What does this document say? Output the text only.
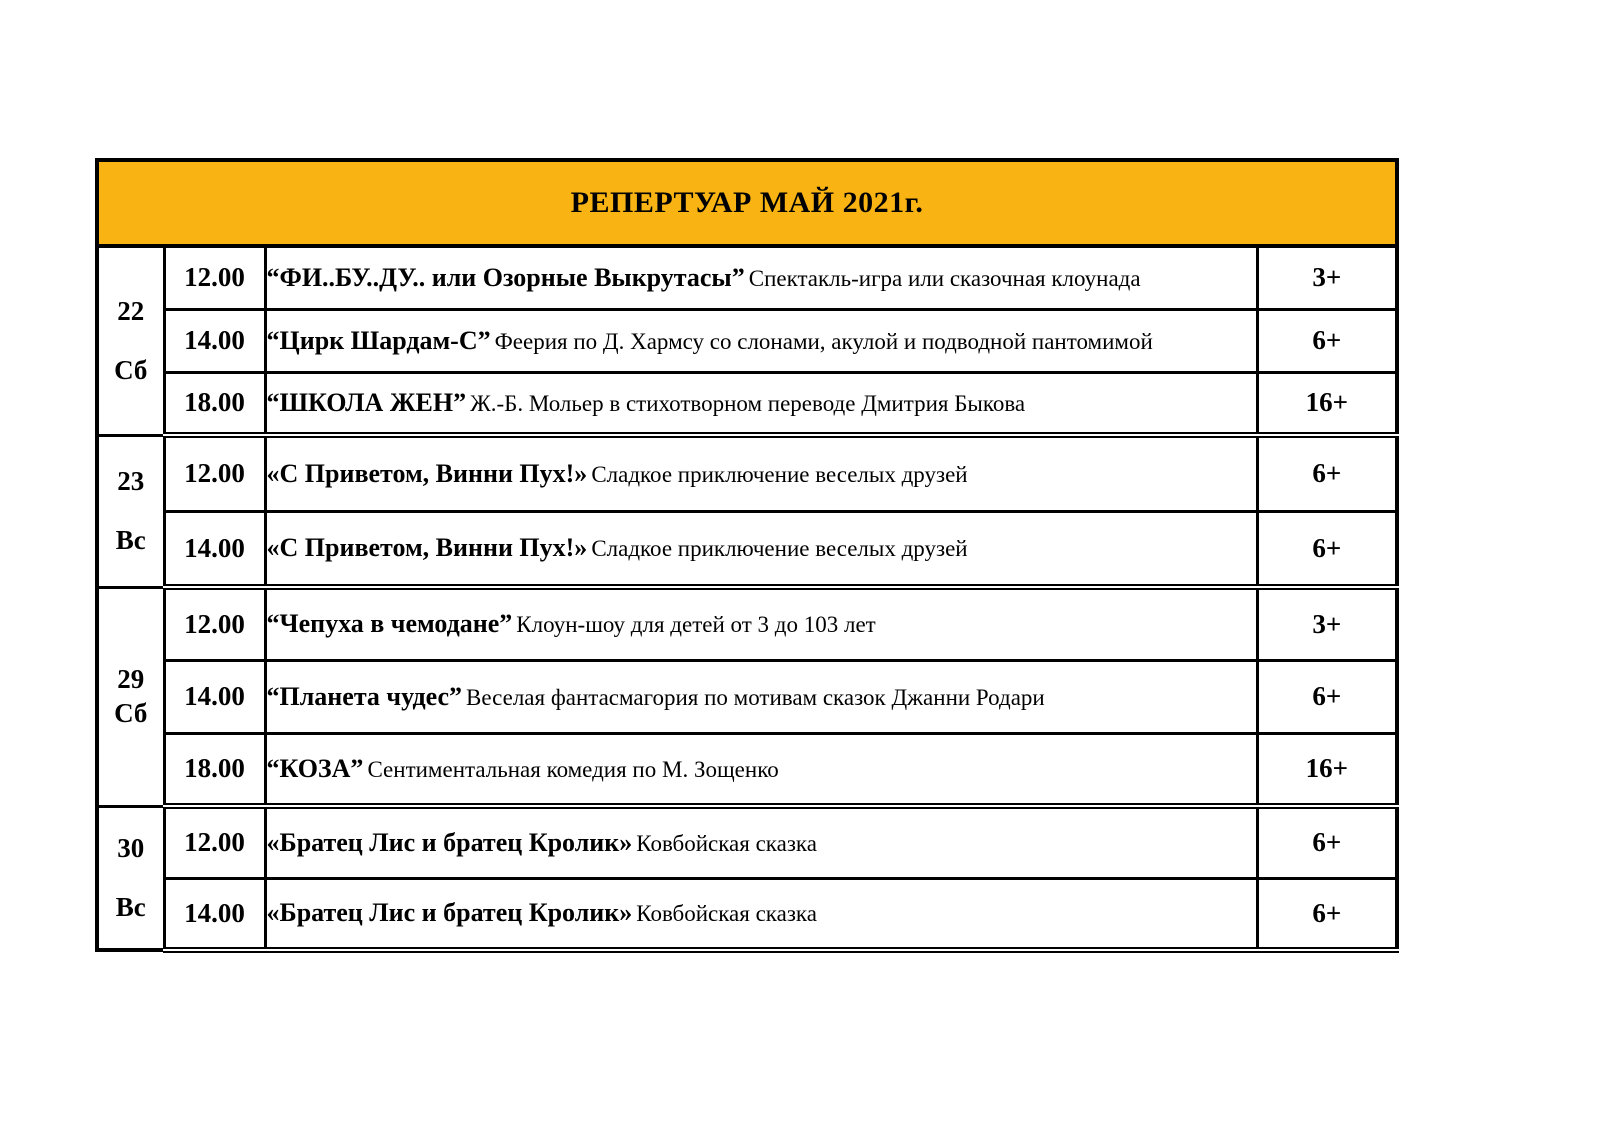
РЕПЕРТУАР МАЙ 2021г.			

22
Сб	12.00	“ФИ..БУ..ДУ.. или Озорные Выкрутасы” Спектакль-игра или сказочная клоунада	3+
	14.00	“Цирк Шардам-С” Феерия по Д. Хармсу со слонами, акулой и подводной пантомимой	6+
	18.00	“ШКОЛА ЖЕН” Ж.-Б. Мольер в стихотворном переводе Дмитрия Быкова	16+

23
Вс	12.00	«С Приветом, Винни Пух!» Сладкое приключение веселых друзей	6+
	14.00	«С Приветом, Винни Пух!» Сладкое приключение веселых друзей	6+

29
Сб	12.00	“Чепуха в чемодане” Клоун-шоу для детей от 3 до 103 лет	3+
	14.00	“Планета чудес” Веселая фантасмагория по мотивам сказок Джанни Родари	6+
	18.00	“КОЗА” Сентиментальная комедия по М. Зощенко	16+

30
Вс	12.00	«Братец Лис и братец Кролик» Ковбойская сказка	6+
	14.00	«Братец Лис и братец Кролик» Ковбойская сказка	6+
